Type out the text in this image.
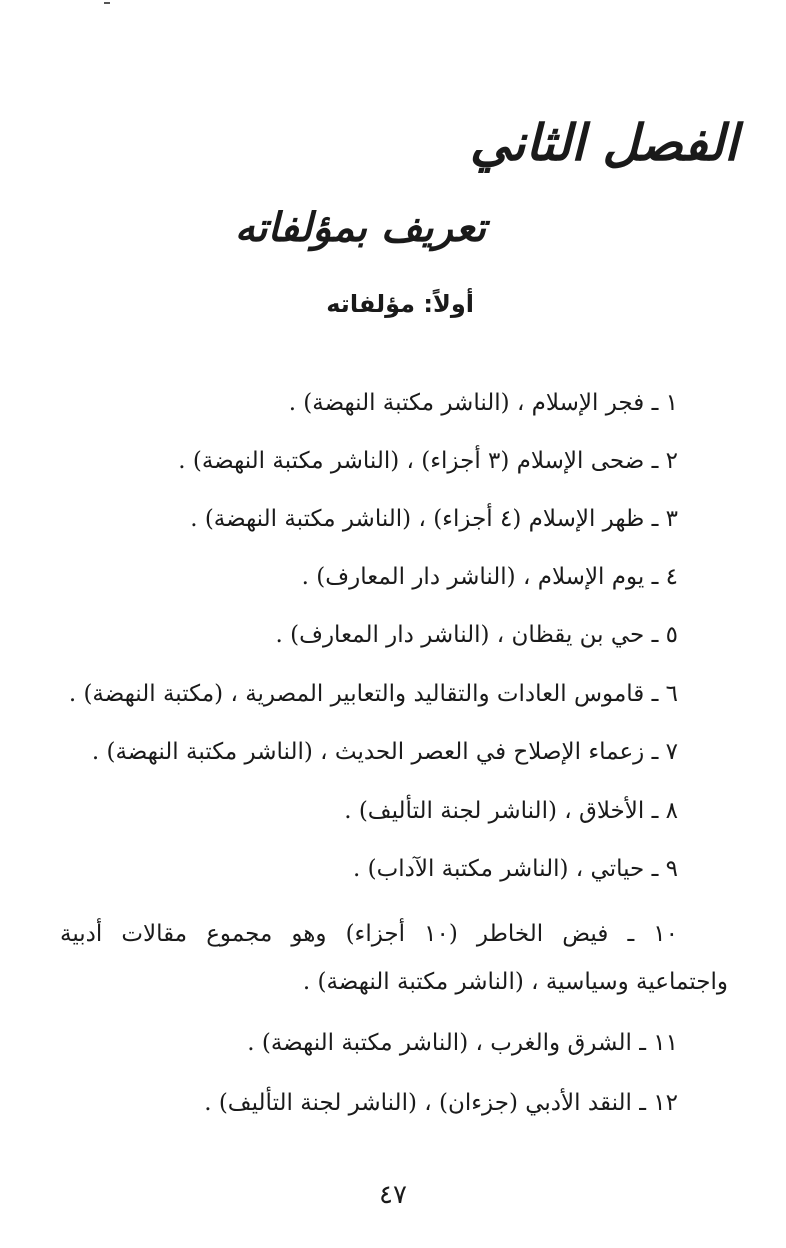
الفصل الثاني
تعريف بمؤلفاته
أولاً: مؤلفاته
١ ـ فجر الإسلام ، (الناشر مكتبة النهضة) .
٢ ـ ضحى الإسلام (٣ أجزاء) ، (الناشر مكتبة النهضة) .
٣ ـ ظهر الإسلام (٤ أجزاء) ، (الناشر مكتبة النهضة) .
٤ ـ يوم الإسلام ، (الناشر دار المعارف) .
٥ ـ حي بن يقظان ، (الناشر دار المعارف) .
٦ ـ قاموس العادات والتقاليد والتعابير المصرية ، (مكتبة النهضة) .
٧ ـ زعماء الإصلاح في العصر الحديث ، (الناشر مكتبة النهضة) .
٨ ـ الأخلاق ، (الناشر لجنة التأليف) .
٩ ـ حياتي ، (الناشر مكتبة الآداب) .
١٠ ـ فيض الخاطر (١٠ أجزاء) وهو مجموع مقالات أدبية
واجتماعية وسياسية ، (الناشر مكتبة النهضة) .
١١ ـ الشرق والغرب ، (الناشر مكتبة النهضة) .
١٢ ـ النقد الأدبي (جزءان) ، (الناشر لجنة التأليف) .
٤٧
